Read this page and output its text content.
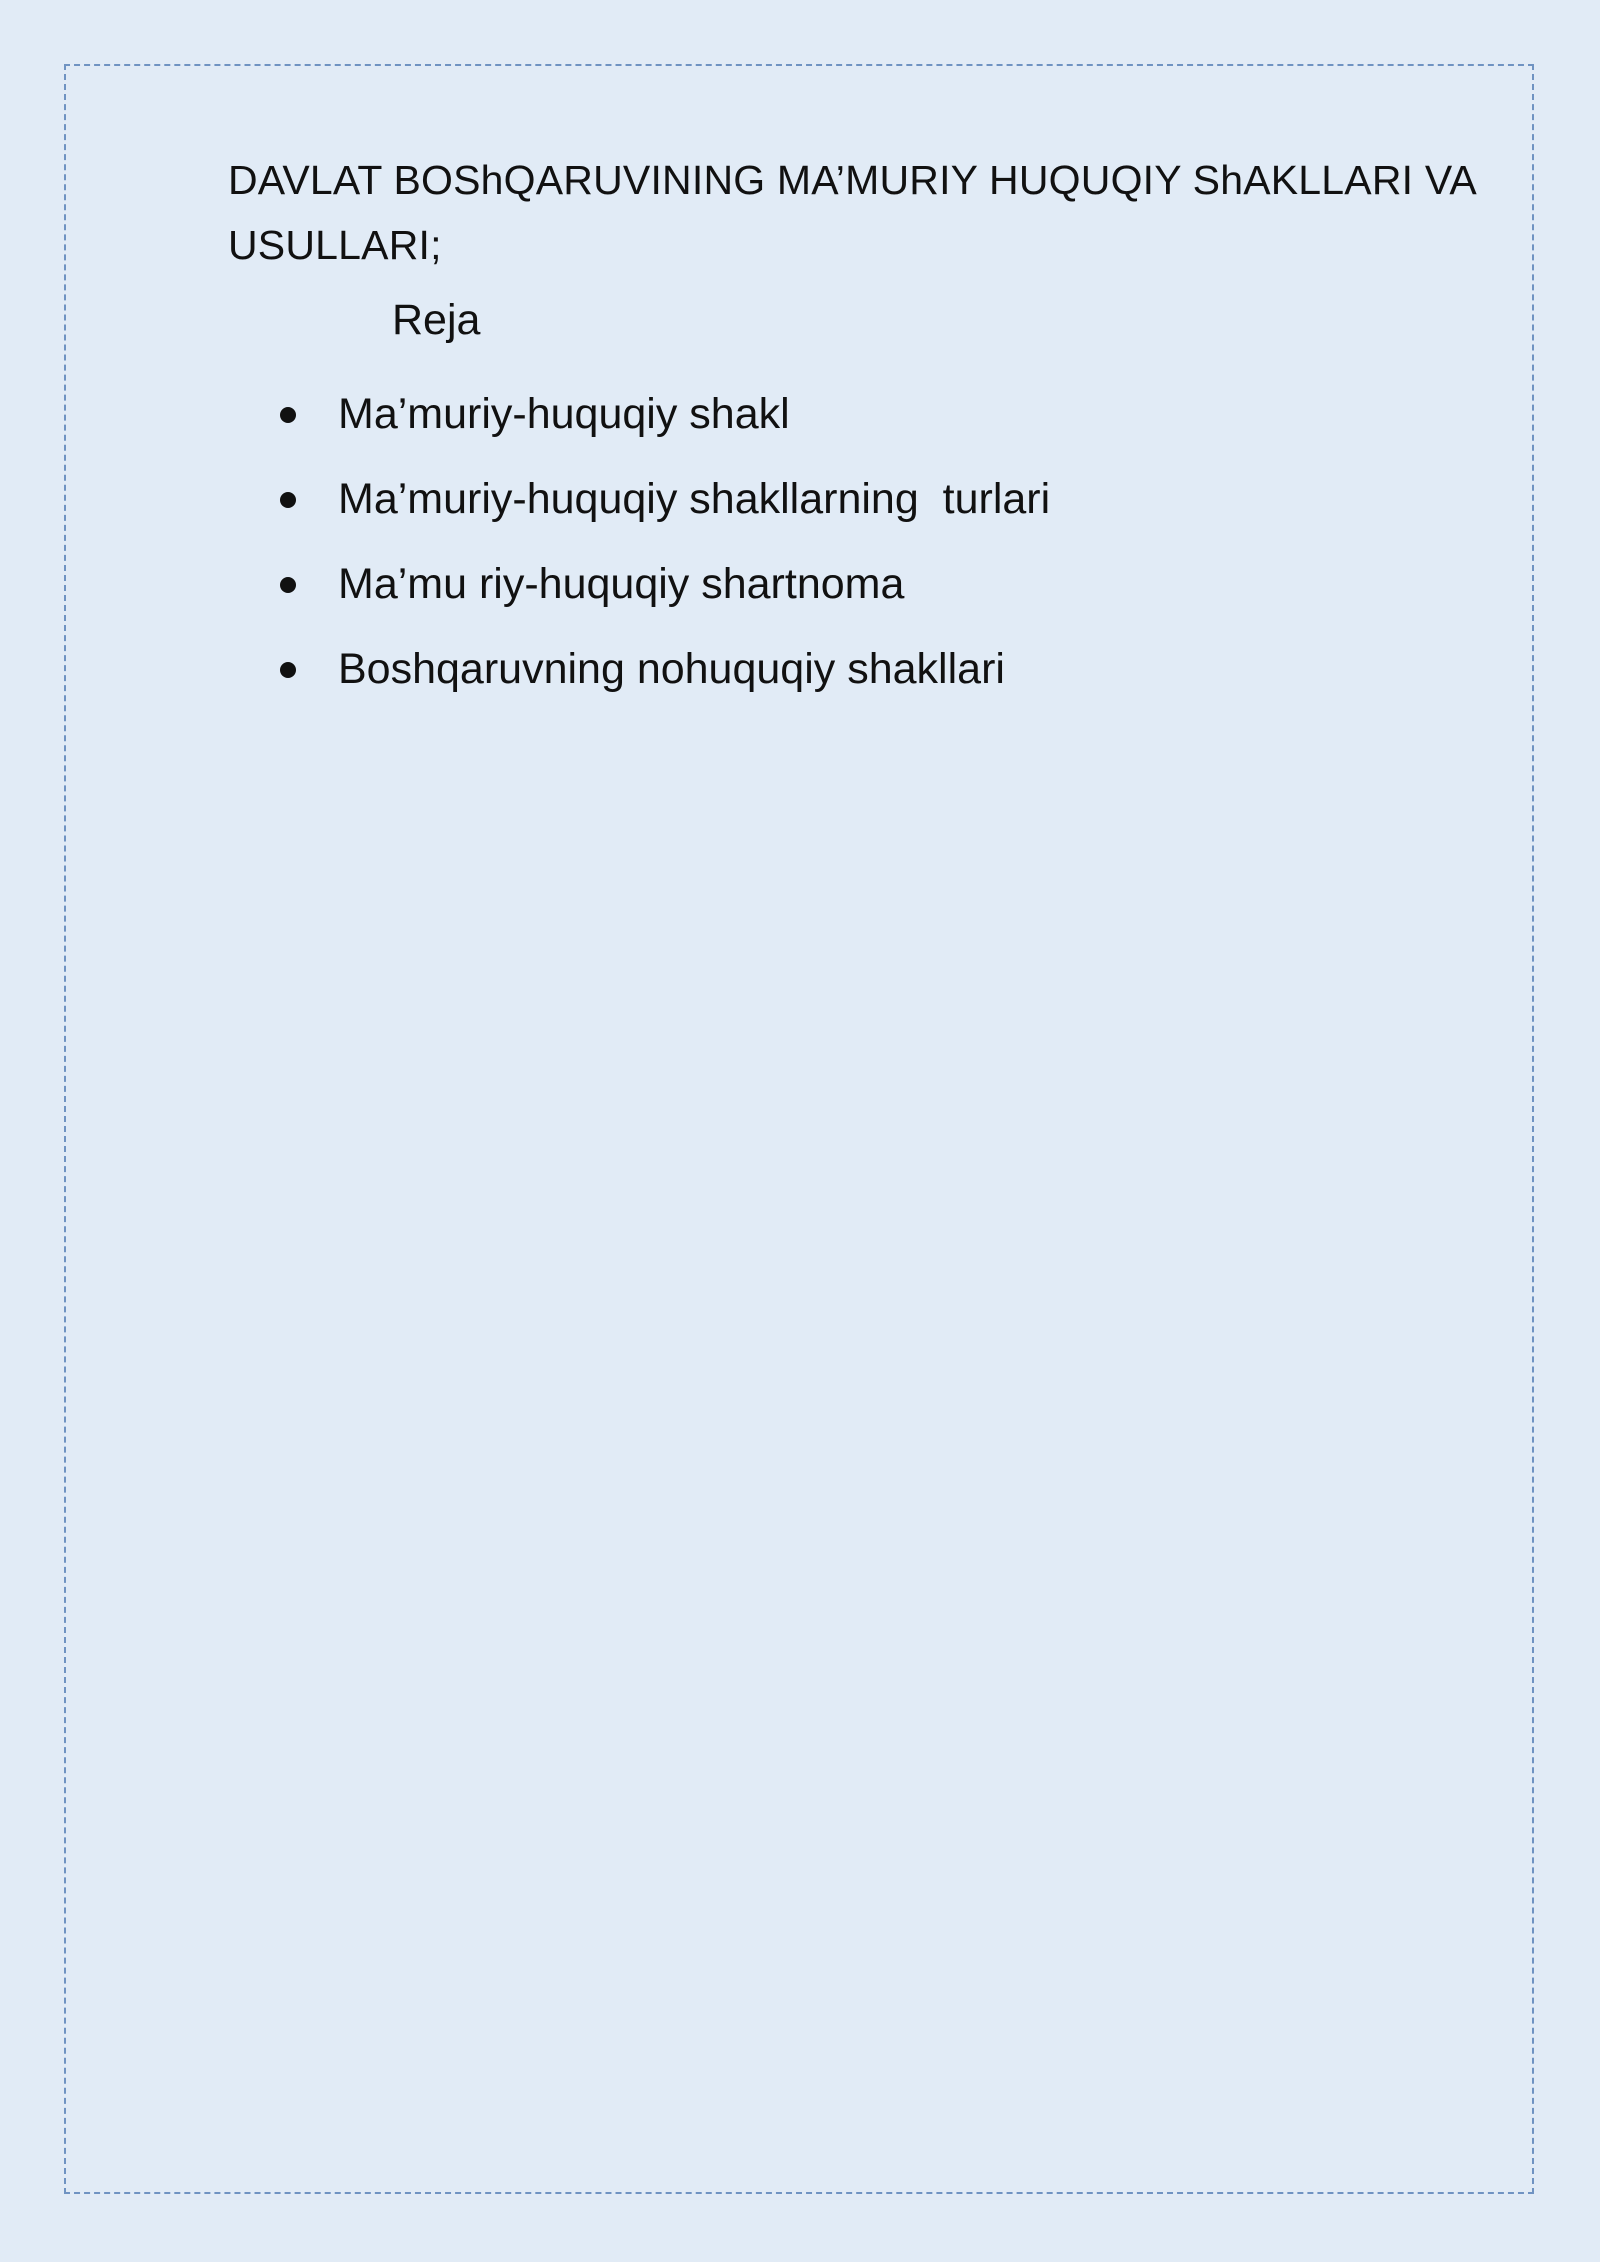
DAVLAT BOShQARUVINING MA’MURIY HUQUQIY ShAKLLARI VA USULLARI;
Reja
Ma’muriy-huquqiy shakl
Ma’muriy-huquqiy shakllarning  turlari
Ma’mu riy-huquqiy shartnoma
Boshqaruvning nohuquqiy shakllari
